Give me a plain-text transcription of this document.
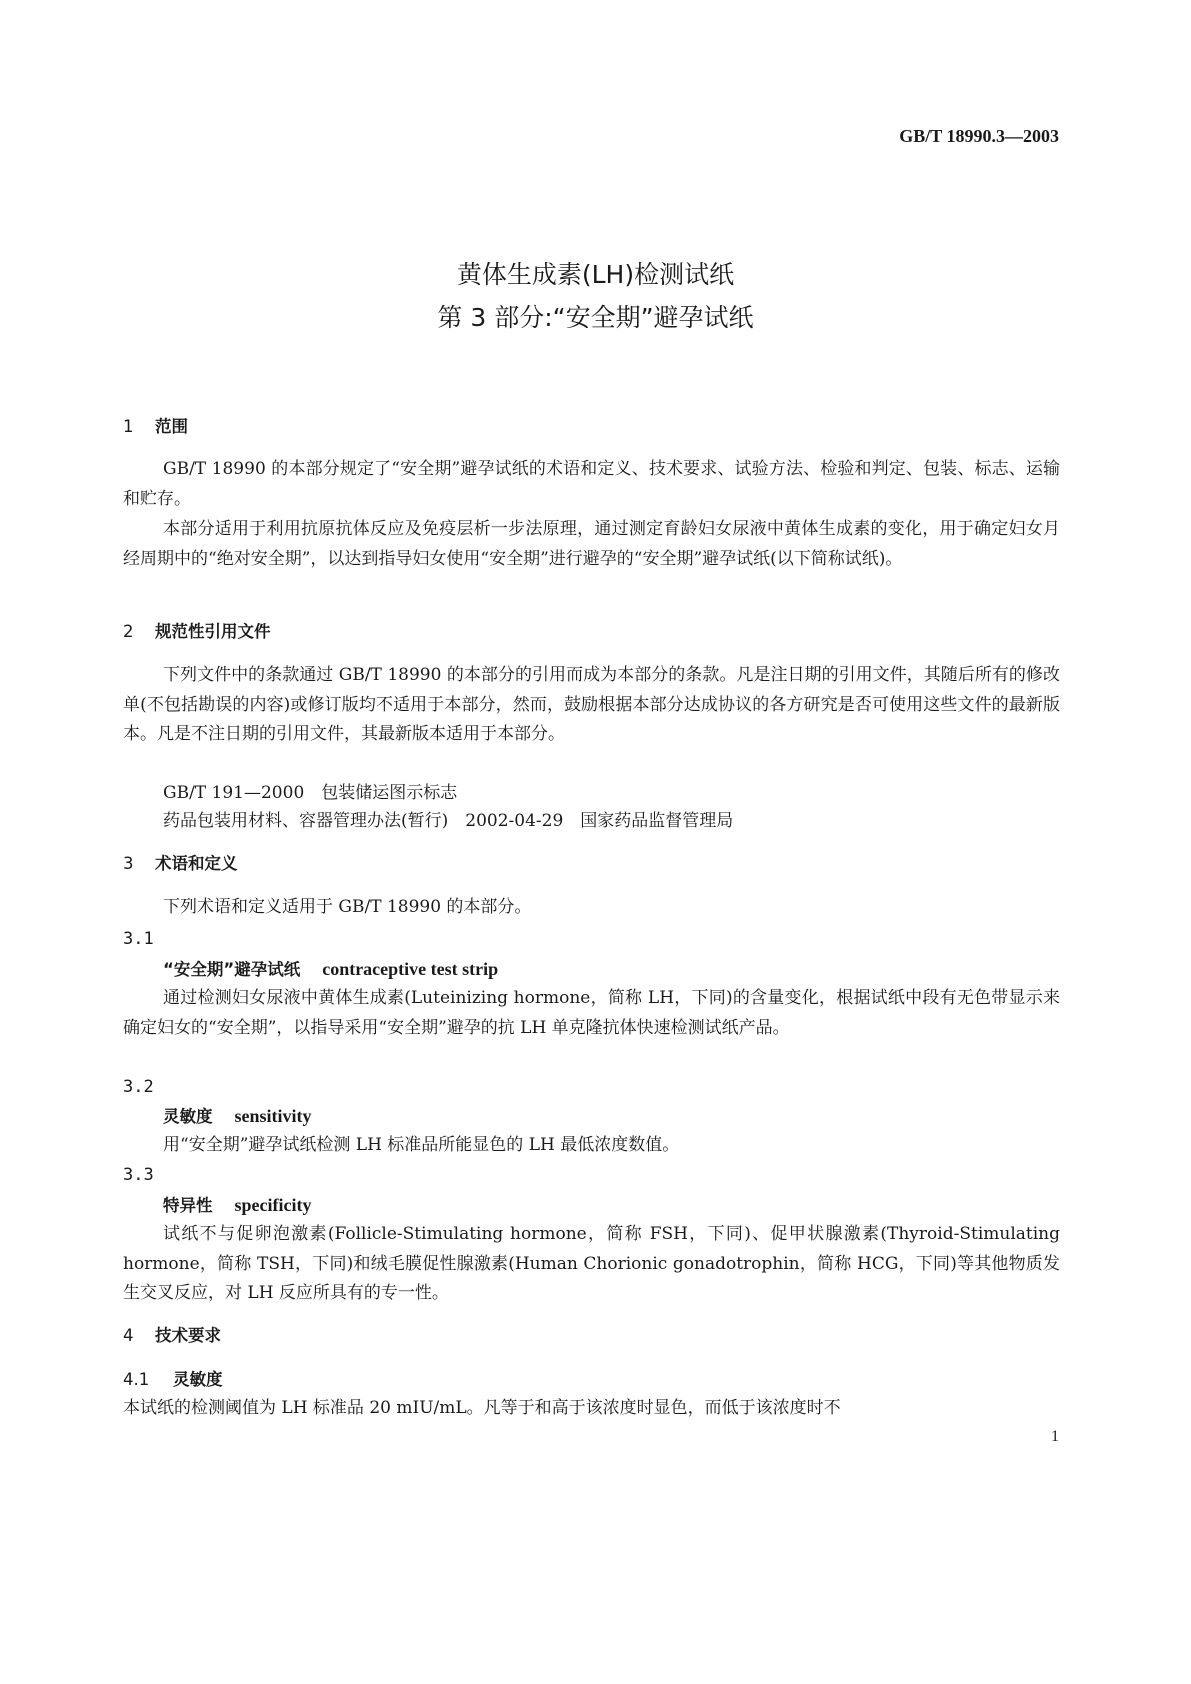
GB/T 18990.3—2003
黄体生成素(LH)检测试纸
第 3 部分:“安全期”避孕试纸
1 范围
GB/T 18990 的本部分规定了“安全期”避孕试纸的术语和定义、技术要求、试验方法、检验和判定、包装、标志、运输和贮存。
本部分适用于利用抗原抗体反应及免疫层析一步法原理，通过测定育龄妇女尿液中黄体生成素的变化，用于确定妇女月经周期中的“绝对安全期”，以达到指导妇女使用“安全期”进行避孕的“安全期”避孕试纸(以下简称试纸)。
2 规范性引用文件
下列文件中的条款通过 GB/T 18990 的本部分的引用而成为本部分的条款。凡是注日期的引用文件，其随后所有的修改单(不包括勘误的内容)或修订版均不适用于本部分，然而，鼓励根据本部分达成协议的各方研究是否可使用这些文件的最新版本。凡是不注日期的引用文件，其最新版本适用于本部分。
GB/T 191—2000　包装储运图示标志
药品包装用材料、容器管理办法(暂行)　2002-04-29　国家药品监督管理局
3 术语和定义
下列术语和定义适用于 GB/T 18990 的本部分。
3.1
“安全期”避孕试纸 contraceptive test strip
通过检测妇女尿液中黄体生成素(Luteinizing hormone，简称 LH，下同)的含量变化，根据试纸中段有无色带显示来确定妇女的“安全期”，以指导采用“安全期”避孕的抗 LH 单克隆抗体快速检测试纸产品。
3.2
灵敏度 sensitivity
用“安全期”避孕试纸检测 LH 标准品所能显色的 LH 最低浓度数值。
3.3
特异性 specificity
试纸不与促卵泡激素(Follicle-Stimulating hormone，简称 FSH，下同)、促甲状腺激素(Thyroid-Stimulating hormone，简称 TSH，下同)和绒毛膜促性腺激素(Human Chorionic gonadotrophin，简称 HCG，下同)等其他物质发生交叉反应，对 LH 反应所具有的专一性。
4 技术要求
4.1 灵敏度
本试纸的检测阈值为 LH 标准品 20 mIU/mL。凡等于和高于该浓度时显色，而低于该浓度时不
1
